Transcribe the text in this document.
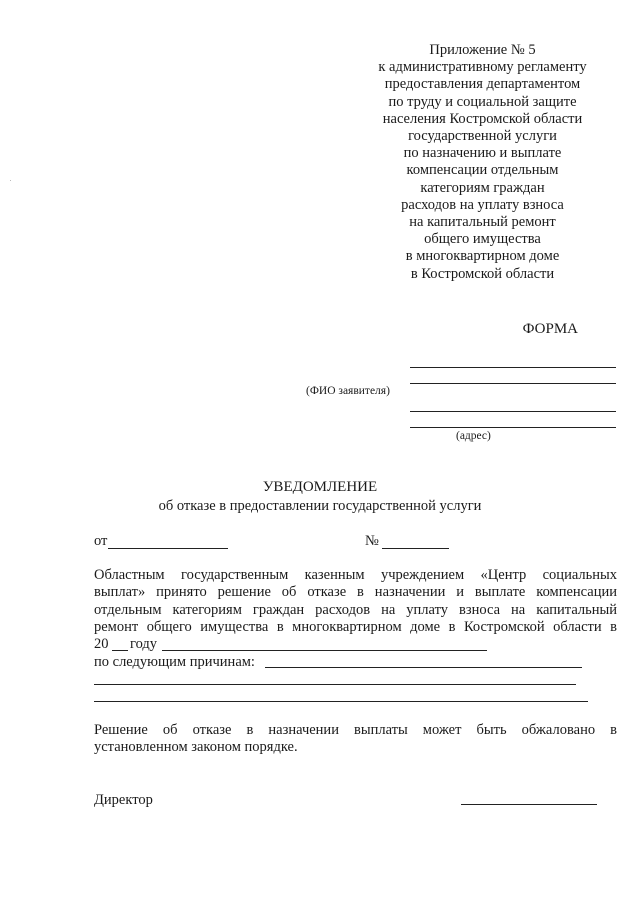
Приложение № 5
к административному регламенту
предоставления департаментом
по труду и социальной защите
населения Костромской области
государственной услуги
по назначению и выплате
компенсации отдельным
категориям граждан
расходов на уплату взноса
на капитальный ремонт
общего имущества
в многоквартирном доме
в Костромской области
ФОРМА
(ФИО заявителя)
(адрес)
УВЕДОМЛЕНИЕ
об отказе в предоставлении государственной услуги
от	№
Областным государственным казенным учреждением «Центр социальных
выплат» принято решение об отказе в назначении и выплате компенсации
отдельным категориям граждан расходов на уплату взноса на капитальный
ремонт общего имущества в многоквартирном доме в Костромской области в
20 году
по следующим причинам:
Решение об отказе в назначении выплаты может быть обжаловано в
установленном законом порядке.
Директор
